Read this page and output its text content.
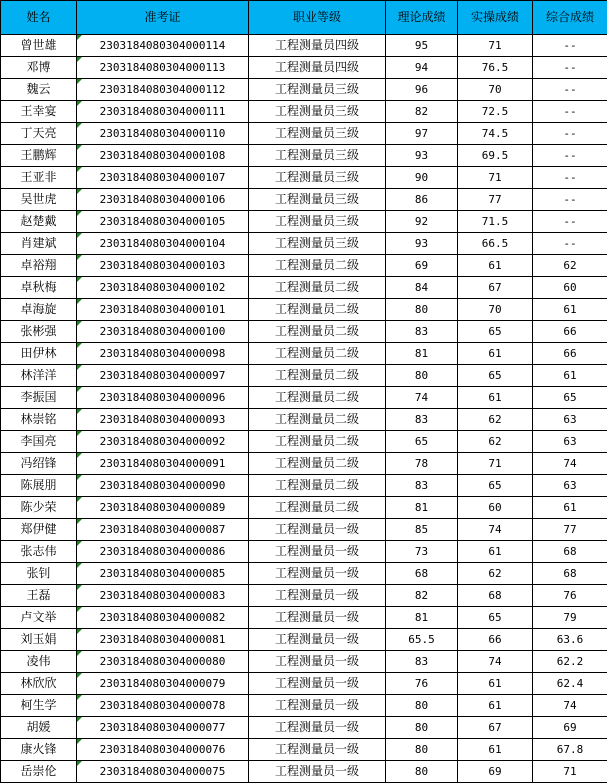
姓名	准考证	职业等级	理论成绩	实操成绩	综合成绩
曾世雄	2303184080304000114	工程测量员四级	95	71	--
邓博	2303184080304000113	工程测量员四级	94	76.5	--
魏云	2303184080304000112	工程测量员三级	96	70	--
王幸宴	2303184080304000111	工程测量员三级	82	72.5	--
丁天亮	2303184080304000110	工程测量员三级	97	74.5	--
王鹏辉	2303184080304000108	工程测量员三级	93	69.5	--
王亚非	2303184080304000107	工程测量员三级	90	71	--
吴世虎	2303184080304000106	工程测量员三级	86	77	--
赵楚戴	2303184080304000105	工程测量员三级	92	71.5	--
肖建斌	2303184080304000104	工程测量员三级	93	66.5	--
卓裕翔	2303184080304000103	工程测量员二级	69	61	62
卓秋梅	2303184080304000102	工程测量员二级	84	67	60
卓海旋	2303184080304000101	工程测量员二级	80	70	61
张彬强	2303184080304000100	工程测量员二级	83	65	66
田伊林	2303184080304000098	工程测量员二级	81	61	66
林洋洋	2303184080304000097	工程测量员二级	80	65	61
李振国	2303184080304000096	工程测量员二级	74	61	65
林崇铭	2303184080304000093	工程测量员二级	83	62	63
李国亮	2303184080304000092	工程测量员二级	65	62	63
冯绍锋	2303184080304000091	工程测量员二级	78	71	74
陈展朋	2303184080304000090	工程测量员二级	83	65	63
陈少荣	2303184080304000089	工程测量员二级	81	60	61
郑伊健	2303184080304000087	工程测量员一级	85	74	77
张志伟	2303184080304000086	工程测量员一级	73	61	68
张钊	2303184080304000085	工程测量员一级	68	62	68
王磊	2303184080304000083	工程测量员一级	82	68	76
卢文举	2303184080304000082	工程测量员一级	81	65	79
刘玉娟	2303184080304000081	工程测量员一级	65.5	66	63.6
凌伟	2303184080304000080	工程测量员一级	83	74	62.2
林欣欣	2303184080304000079	工程测量员一级	76	61	62.4
柯生学	2303184080304000078	工程测量员一级	80	61	74
胡媛	2303184080304000077	工程测量员一级	80	67	69
康火锋	2303184080304000076	工程测量员一级	80	61	67.8
岳崇伦	2303184080304000075	工程测量员一级	80	69	71
